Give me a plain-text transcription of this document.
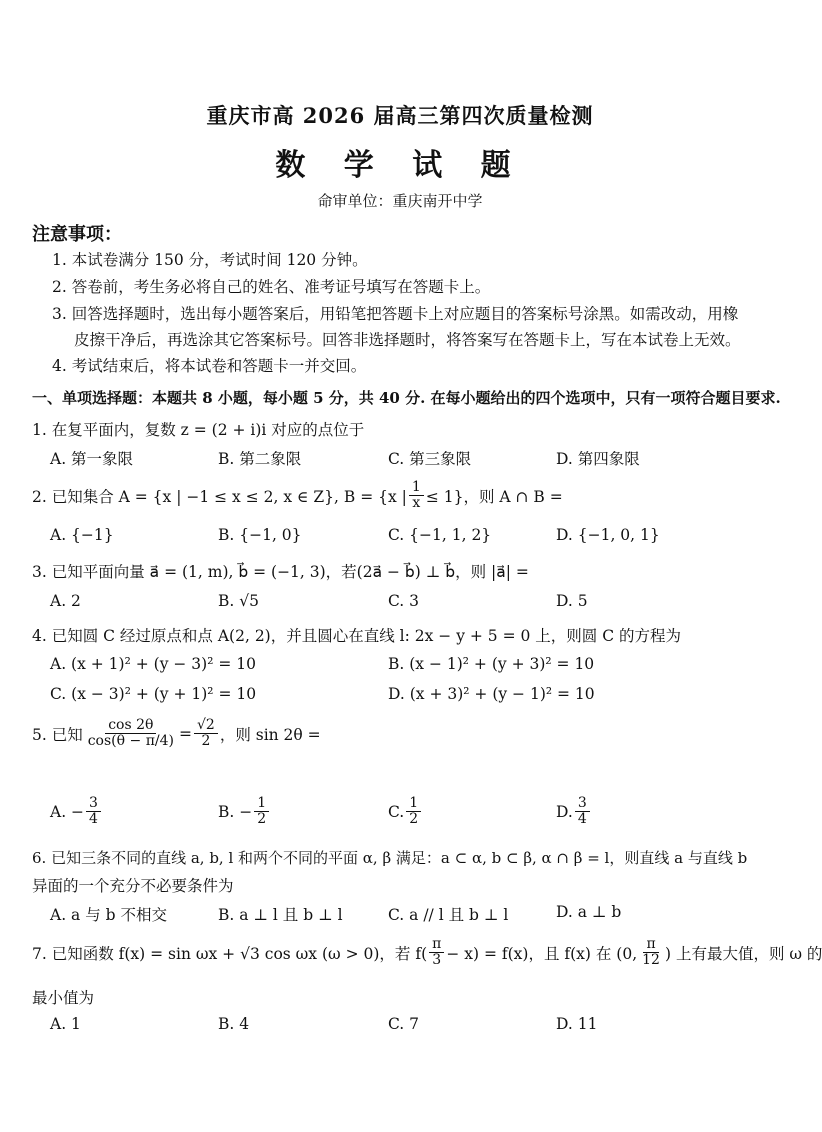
重庆市高 2026 届高三第四次质量检测
数 学 试 题
命审单位：重庆南开中学
注意事项：
1. 本试卷满分 150 分，考试时间 120 分钟。
2. 答卷前，考生务必将自己的姓名、准考证号填写在答题卡上。
3. 回答选择题时，选出每小题答案后，用铅笔把答题卡上对应题目的答案标号涂黑。如需改动，用橡
皮擦干净后，再选涂其它答案标号。回答非选择题时，将答案写在答题卡上，写在本试卷上无效。
4. 考试结束后，将本试卷和答题卡一并交回。
一、单项选择题：本题共 8 小题，每小题 5 分，共 40 分. 在每小题给出的四个选项中，只有一项符合题目要求.
1. 在复平面内，复数 z = (2 + i)i 对应的点位于
A. 第一象限	B. 第二象限	C. 第三象限	D. 第四象限
2. 已知集合 A = {x | −1 ≤ x ≤ 2, x ∈ Z}, B = {x | $\frac{1}{x} \le 1$}，则 A ∩ B =
A. {−1}	B. {−1, 0}	C. {−1, 1, 2}	D. {−1, 0, 1}
3. 已知平面向量 a⃗ = (1, m), b⃗ = (−1, 3)，若(2a⃗ − b⃗) ⊥ b⃗，则 |a⃗| =
A. 2	B. √5	C. 3	D. 5
4. 已知圆 C 经过原点和点 A(2, 2)，并且圆心在直线 l: 2x − y + 5 = 0 上，则圆 C 的方程为
A. (x + 1)² + (y − 3)² = 10	B. (x − 1)² + (y + 3)² = 10
C. (x − 3)² + (y + 1)² = 10	D. (x + 3)² + (y − 1)² = 10
5. 已知 $\frac{\cos 2\theta}{\cos(\theta - \pi/4)} = \frac{√2}{2}$ ，则 sin 2θ =
A. − $\frac{3}{4}$	B. − $\frac{1}{2}$	C. $\frac{1}{2}$	D. $\frac{3}{4}$
6. 已知三条不同的直线 a, b, l 和两个不同的平面 α, β 满足：a ⊂ α, b ⊂ β, α ∩ β = l，则直线 a 与直线 b
异面的一个充分不必要条件为
A. a 与 b 不相交	B. a ⊥ l 且 b ⊥ l	C. a // l 且 b ⊥ l	D. a ⊥ b
7. 已知函数 f(x) = sin ωx + √3 cos ωx (ω > 0)，若 $f( \frac{\pi}{3} - x) = f(x)$，且 f(x) 在 (0, $\frac{\pi}{12}$ ) 上有最大值，则 ω 的
最小值为
A. 1	B. 4	C. 7	D. 11
